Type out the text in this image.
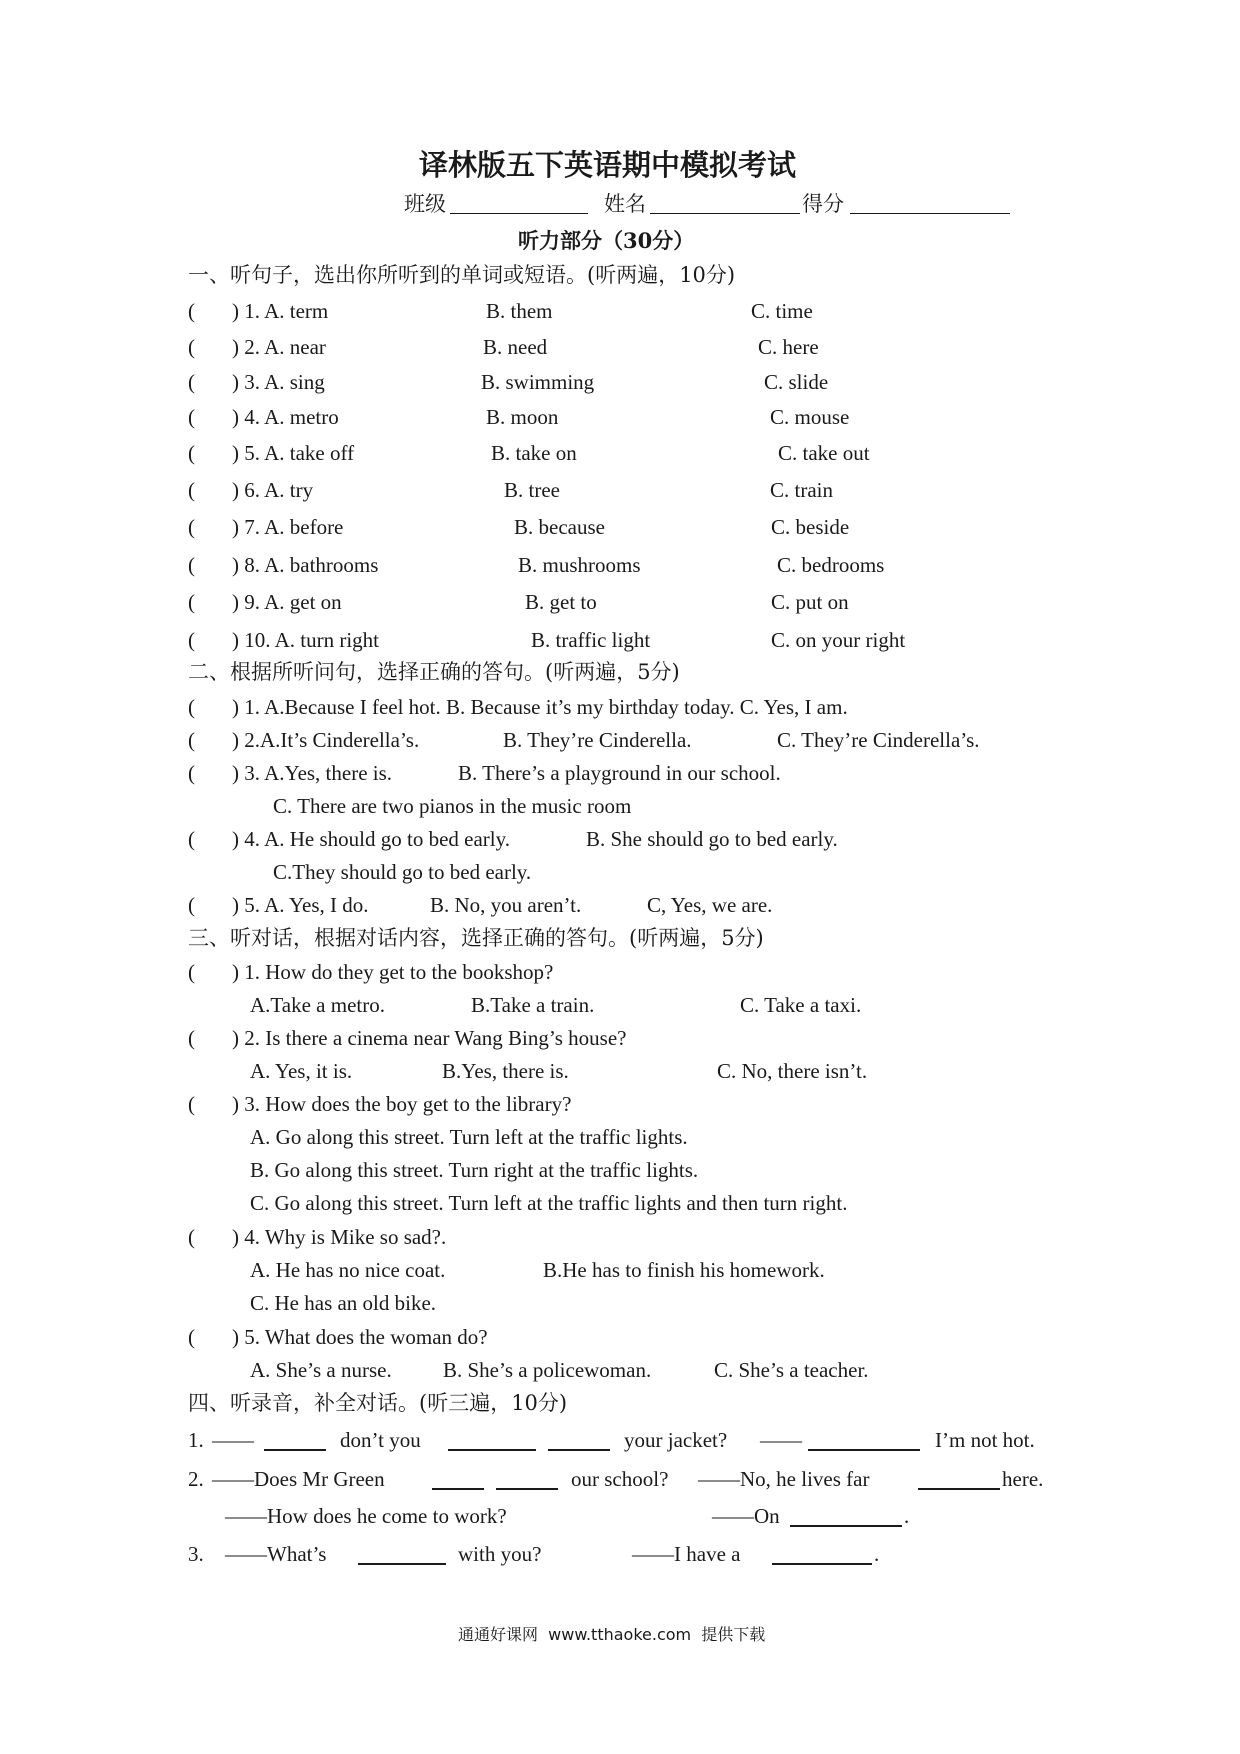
译林版五下英语期中模拟考试
班级	姓名	得分
听力部分（30分）
一、听句子，选出你所听到的单词或短语。(听两遍，10分)
( ) 1. A. term	B. them	C. time
( ) 2. A. near	B. need	C. here
( ) 3. A. sing	B. swimming	C. slide
( ) 4. A. metro	B. moon	C. mouse
( ) 5. A. take off	B. take on	C. take out
( ) 6. A. try	B. tree	C. train
( ) 7. A. before	B. because	C. beside
( ) 8. A. bathrooms	B. mushrooms	C. bedrooms
( ) 9. A. get on	B. get to	C. put on
( ) 10. A. turn right	B. traffic light	C. on your right
二、根据所听问句，选择正确的答句。(听两遍，5分)
( ) 1. A.Because I feel hot. B. Because it’s my birthday today. C. Yes, I am.
( ) 2.A.It’s Cinderella’s.	B. They’re Cinderella.	C. They’re Cinderella’s.
( ) 3. A.Yes, there is.	B. There’s a playground in our school.
C. There are two pianos in the music room
( ) 4. A. He should go to bed early.	B. She should go to bed early.
C.They should go to bed early.
( ) 5. A. Yes, I do.	B. No, you aren’t.	C, Yes, we are.
三、听对话，根据对话内容，选择正确的答句。(听两遍，5分)
( ) 1. How do they get to the bookshop?
A.Take a metro.	B.Take a train.	C. Take a taxi.
( ) 2. Is there a cinema near Wang Bing’s house?
A. Yes, it is.	B.Yes, there is.	C. No, there isn’t.
( ) 3. How does the boy get to the library?
A. Go along this street. Turn left at the traffic lights.
B. Go along this street. Turn right at the traffic lights.
C. Go along this street. Turn left at the traffic lights and then turn right.
( ) 4. Why is Mike so sad?.
A. He has no nice coat.	B.He has to finish his homework.
C. He has an old bike.
( ) 5. What does the woman do?
A. She’s a nurse. B. She’s a policewoman.	C. She’s a teacher.
四、听录音，补全对话。(听三遍，10分)
1. ——	don’t you	your jacket? ——	I’m not hot.
2. ——Does Mr Green	our school? ——No, he lives far	here.
——How does he come to work?	——On	.
3. ——What’s	with you?	——I have a	.
通通好课网  www.tthaoke.com  提供下载
